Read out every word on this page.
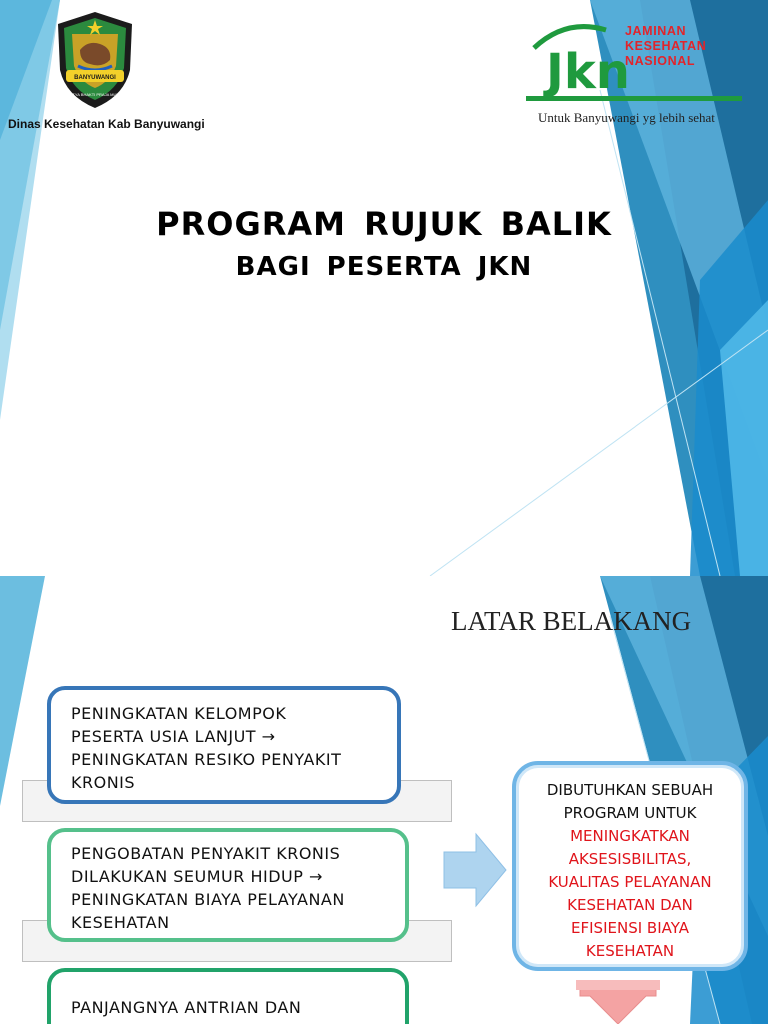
BANYUWANGI
SATYA BHAKTI PRAJA MUKTI
Dinas Kesehatan Kab Banyuwangi
Jkn
JAMINAN
KESEHATAN
NASIONAL
Untuk Banyuwangi yg lebih sehat
PROGRAM RUJUK BALIK
BAGI PESERTA JKN
LATAR BELAKANG
PENINGKATAN KELOMPOK
PESERTA USIA LANJUT →
PENINGKATAN RESIKO PENYAKIT
KRONIS
PENGOBATAN PENYAKIT KRONIS
DILAKUKAN SEUMUR HIDUP →
PENINGKATAN BIAYA PELAYANAN
KESEHATAN
PANJANGNYA ANTRIAN DAN
DIBUTUHKAN SEBUAH
PROGRAM UNTUK
MENINGKATKAN
AKSESISBILITAS,
KUALITAS PELAYANAN
KESEHATAN DAN
EFISIENSI BIAYA
KESEHATAN
